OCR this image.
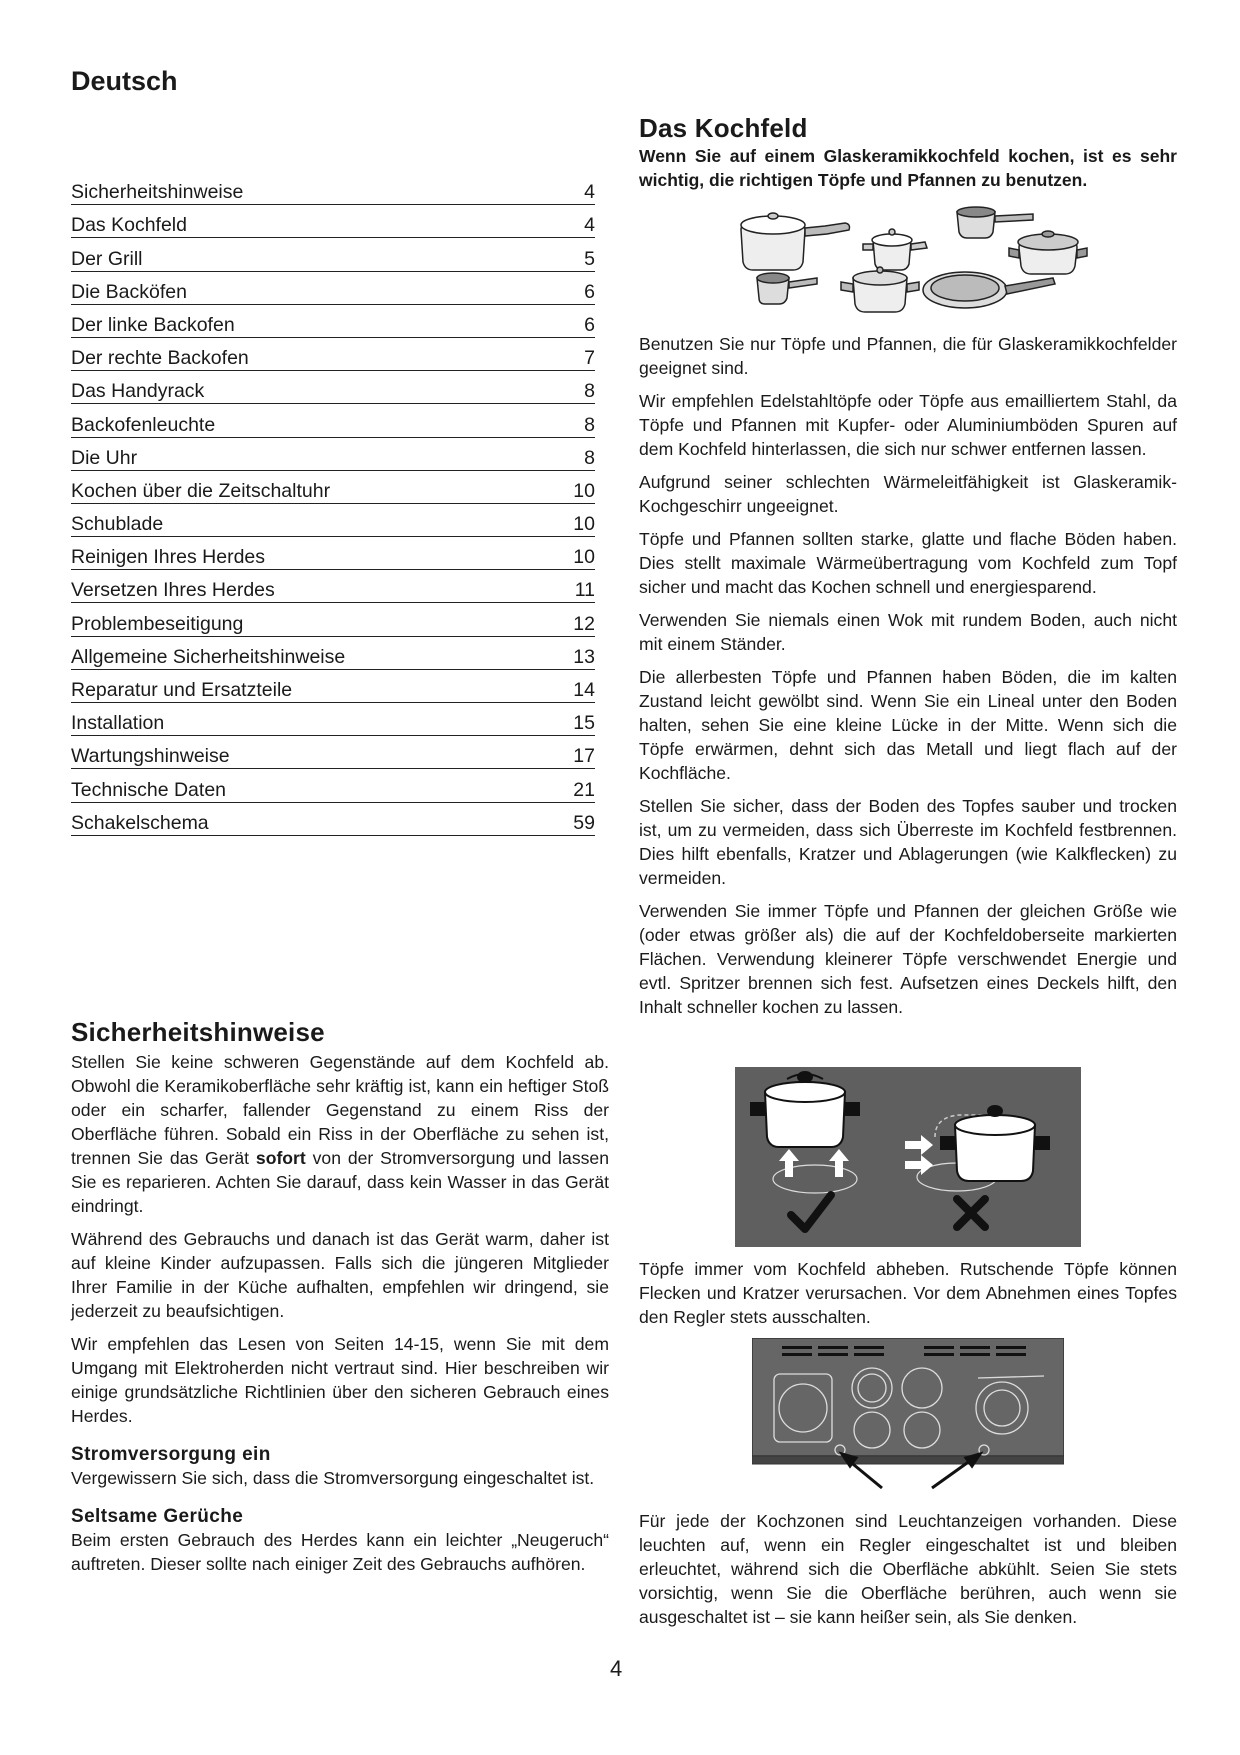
Deutsch
Sicherheitshinweise	4
Das Kochfeld	4
Der Grill	5
Die Backöfen	6
Der linke Backofen	6
Der rechte Backofen	7
Das Handyrack	8
Backofenleuchte	8
Die Uhr	8
Kochen über die Zeitschaltuhr	10
Schublade	10
Reinigen Ihres Herdes	10
Versetzen Ihres Herdes	11
Problembeseitigung	12
Allgemeine Sicherheitshinweise	13
Reparatur und Ersatzteile	14
Installation	15
Wartungshinweise	17
Technische Daten	21
Schakelschema	59
Sicherheitshinweise

Stellen Sie keine schweren Gegenstände auf dem Kochfeld ab. Obwohl die Keramikoberfläche sehr kräftig ist, kann ein heftiger Stoß oder ein scharfer, fallender Gegenstand zu einem Riss der Oberfläche führen. Sobald ein Riss in der Oberfläche zu sehen ist, trennen Sie das Gerät sofort von der Stromversorgung und lassen Sie es reparieren. Achten Sie darauf, dass kein Wasser in das Gerät eindringt.

Während des Gebrauchs und danach ist das Gerät warm, daher ist auf kleine Kinder aufzupassen. Falls sich die jüngeren Mitglieder Ihrer Familie in der Küche aufhalten, empfehlen wir dringend, sie jederzeit zu beaufsichtigen.

Wir empfehlen das Lesen von Seiten 14-15, wenn Sie mit dem Umgang mit Elektroherden nicht vertraut sind. Hier beschreiben wir einige grundsätzliche Richtlinien über den sicheren Gebrauch eines Herdes.

Stromversorgung ein

Vergewissern Sie sich, dass die Stromversorgung eingeschaltet ist.

Seltsame Gerüche

Beim ersten Gebrauch des Herdes kann ein leichter „Neugeruch“ auftreten. Dieser sollte nach einiger Zeit des Gebrauchs aufhören.

Das Kochfeld

Wenn Sie auf einem Glaskeramikkochfeld kochen, ist es sehr wichtig, die richtigen Töpfe und Pfannen zu benutzen.

Benutzen Sie nur Töpfe und Pfannen, die für Glaskeramikkochfelder geeignet sind.

Wir empfehlen Edelstahltöpfe oder Töpfe aus emailliertem Stahl, da Töpfe und Pfannen mit Kupfer- oder Aluminiumböden Spuren auf dem Kochfeld hinterlassen, die sich nur schwer entfernen lassen.

Aufgrund seiner schlechten Wärmeleitfähigkeit ist Glaskeramik-Kochgeschirr ungeeignet.

Töpfe und Pfannen sollten starke, glatte und flache Böden haben. Dies stellt maximale Wärmeübertragung vom Kochfeld zum Topf sicher und macht das Kochen schnell und energiesparend.

Verwenden Sie niemals einen Wok mit rundem Boden, auch nicht mit einem Ständer.

Die allerbesten Töpfe und Pfannen haben Böden, die im kalten Zustand leicht gewölbt sind. Wenn Sie ein Lineal unter den Boden halten, sehen Sie eine kleine Lücke in der Mitte. Wenn sich die Töpfe erwärmen, dehnt sich das Metall und liegt flach auf der Kochfläche.

Stellen Sie sicher, dass der Boden des Topfes sauber und trocken ist, um zu vermeiden, dass sich Überreste im Kochfeld festbrennen. Dies hilft ebenfalls, Kratzer und Ablagerungen (wie Kalkflecken) zu vermeiden.

Verwenden Sie immer Töpfe und Pfannen der gleichen Größe wie (oder etwas größer als) die auf der Kochfeldoberseite markierten Flächen. Verwendung kleinerer Töpfe verschwendet Energie und evtl. Spritzer brennen sich fest. Aufsetzen eines Deckels hilft, den Inhalt schneller kochen zu lassen.

Töpfe immer vom Kochfeld abheben. Rutschende Töpfe können Flecken und Kratzer verursachen. Vor dem Abnehmen eines Topfes den Regler stets ausschalten.

Für jede der Kochzonen sind Leuchtanzeigen vorhanden. Diese leuchten auf, wenn ein Regler eingeschaltet ist und bleiben erleuchtet, während sich die Oberfläche abkühlt. Seien Sie stets vorsichtig, wenn Sie die Oberfläche berühren, auch wenn sie ausgeschaltet ist – sie kann heißer sein, als Sie denken.

4
